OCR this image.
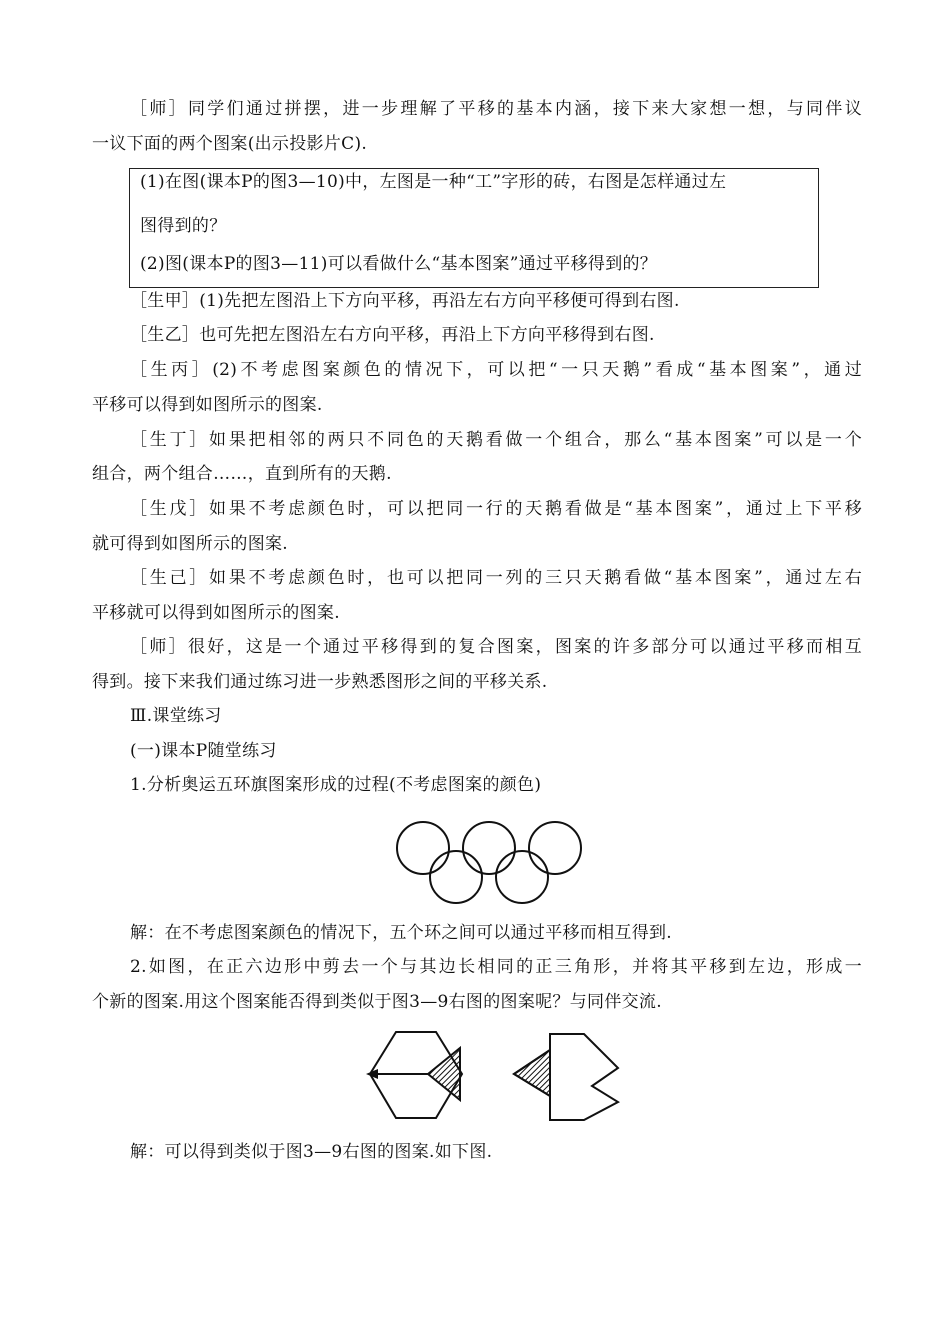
［师］同学们通过拼摆，进一步理解了平移的基本内涵，接下来大家想一想，与同伴议
一议下面的两个图案(出示投影片C).
(1)在图(课本P的图3—10)中，左图是一种“工”字形的砖，右图是怎样通过左
图得到的？
(2)图(课本P的图3—11)可以看做什么“基本图案”通过平移得到的？
［生甲］(1)先把左图沿上下方向平移，再沿左右方向平移便可得到右图.
［生乙］也可先把左图沿左右方向平移，再沿上下方向平移得到右图.
［生丙］(2)不考虑图案颜色的情况下，可以把“一只天鹅”看成“基本图案”，通过
平移可以得到如图所示的图案.
［生丁］如果把相邻的两只不同色的天鹅看做一个组合，那么“基本图案”可以是一个
组合，两个组合……，直到所有的天鹅.
［生戊］如果不考虑颜色时，可以把同一行的天鹅看做是“基本图案”，通过上下平移
就可得到如图所示的图案.
［生己］如果不考虑颜色时，也可以把同一列的三只天鹅看做“基本图案”，通过左右
平移就可以得到如图所示的图案.
［师］很好，这是一个通过平移得到的复合图案，图案的许多部分可以通过平移而相互
得到。接下来我们通过练习进一步熟悉图形之间的平移关系.
Ⅲ.课堂练习
(一)课本P随堂练习
1.分析奥运五环旗图案形成的过程(不考虑图案的颜色)
解：在不考虑图案颜色的情况下，五个环之间可以通过平移而相互得到.
2.如图，在正六边形中剪去一个与其边长相同的正三角形，并将其平移到左边，形成一
个新的图案.用这个图案能否得到类似于图3—9右图的图案呢？与同伴交流.
解：可以得到类似于图3—9右图的图案.如下图.
